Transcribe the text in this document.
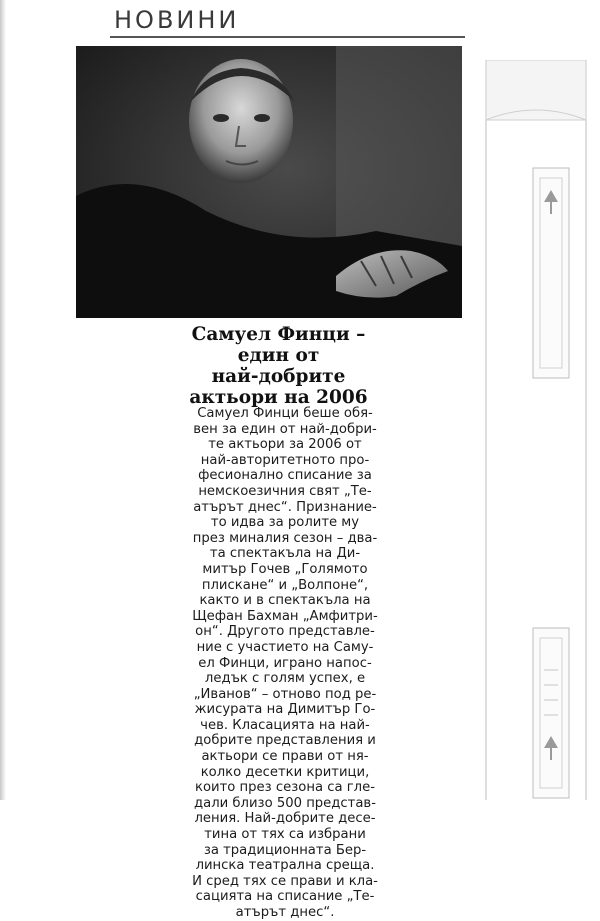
НОВИНИ
Самуел Финци –
един от
най-добрите
актьори на 2006
Самуел Финци беше обя-
вен за един от най-добри-
те актьори за 2006 от
най-авторитетното про-
фесионално списание за
немскоезичния свят „Те-
атърът днес“. Признание-
то идва за ролите му
през миналия сезон – два-
та спектакъла на Ди-
митър Гочев „Голямото
плискане“ и „Волпоне“,
както и в спектакъла на
Щефан Бахман „Амфитри-
он“. Другото представле-
ние с участието на Саму-
ел Финци, играно напос-
ледък с голям успех, е
„Иванов“ – отново под ре-
жисурата на Димитър Го-
чев. Класацията на най-
добрите представления и
актьори се прави от ня-
колко десетки критици,
които през сезона са гле-
дали близо 500 представ-
ления. Най-добрите десе-
тина от тях са избрани
за традиционната Бер-
линска театрална среща.
И сред тях се прави и кла-
сацията на списание „Те-
атърът днес“.
